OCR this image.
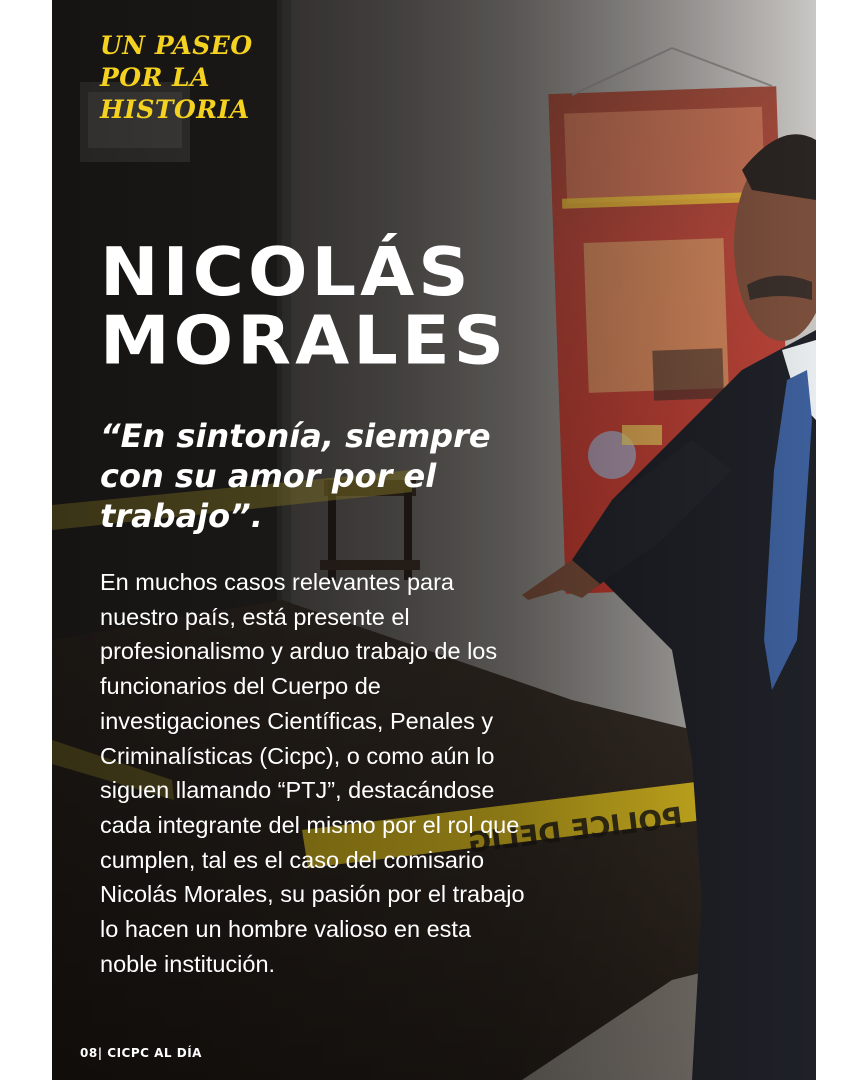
UN PASEO
POR LA
HISTORIA
NICOLÁS
MORALES

“En sintonía, siempre con su amor por el trabajo”.

En muchos casos relevantes para nuestro país, está presente el profesionalismo y arduo trabajo de los funcionarios del Cuerpo de investigaciones Científicas, Penales y Criminalísticas (Cicpc), o como aún lo siguen llamando “PTJ”, destacándose cada integrante del mismo por el rol que cumplen, tal es el caso del comisario Nicolás Morales, su pasión por el trabajo lo hacen un hombre valioso en esta noble institución.

08| CICPC AL DÍA
